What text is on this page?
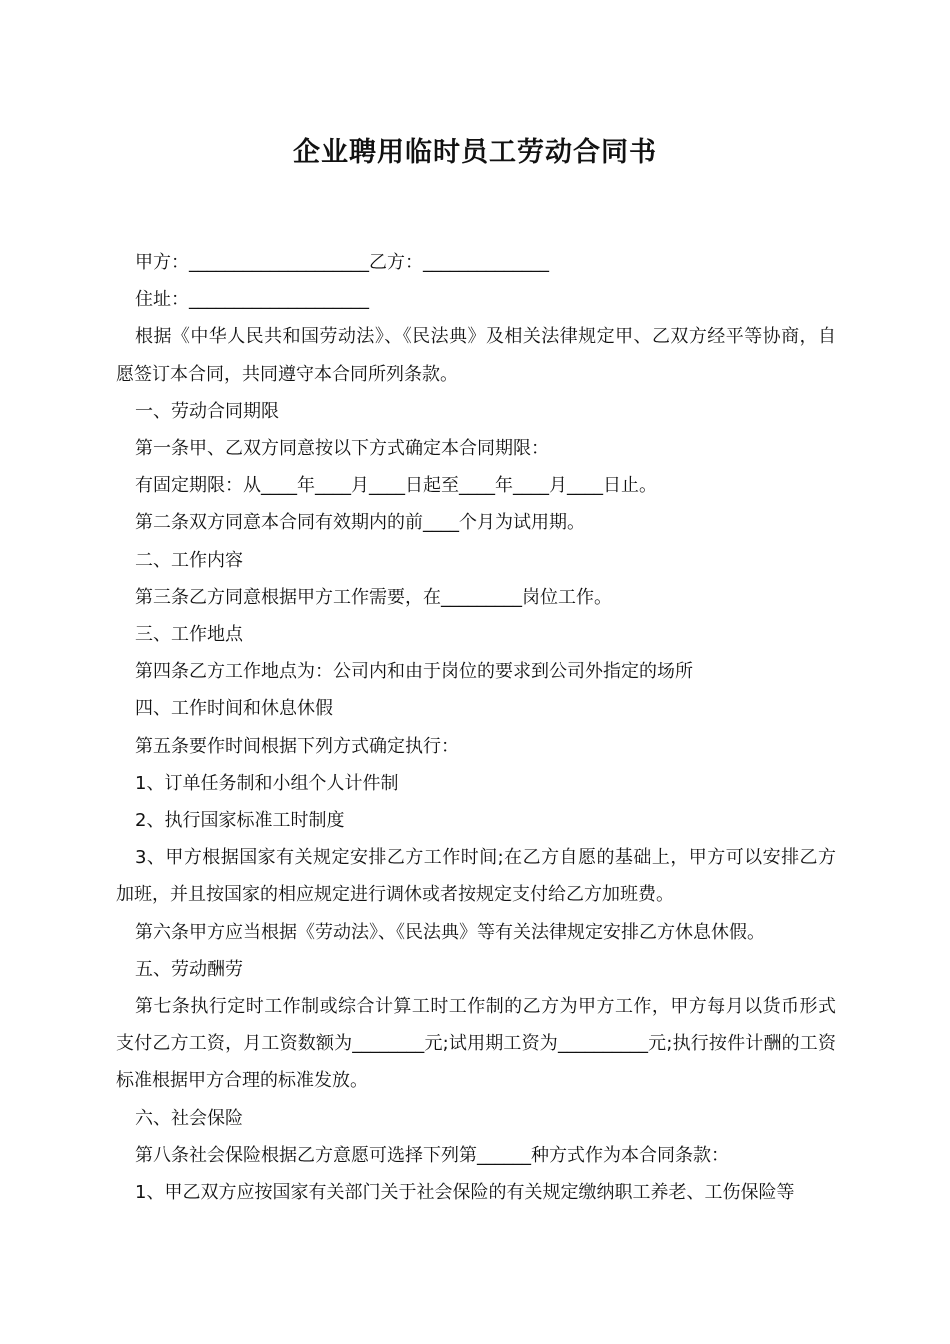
企业聘用临时员工劳动合同书

甲方：____________________乙方：______________

住址：____________________

根据《中华人民共和国劳动法》、《民法典》及相关法律规定甲、乙双方经平等协商，自愿签订本合同，共同遵守本合同所列条款。

一、劳动合同期限

第一条甲、乙双方同意按以下方式确定本合同期限：

有固定期限：从____年____月____日起至____年____月____日止。

第二条双方同意本合同有效期内的前____个月为试用期。

二、工作内容

第三条乙方同意根据甲方工作需要，在_________岗位工作。

三、工作地点

第四条乙方工作地点为：公司内和由于岗位的要求到公司外指定的场所

四、工作时间和休息休假

第五条要作时间根据下列方式确定执行：

1、订单任务制和小组个人计件制

2、执行国家标准工时制度

3、甲方根据国家有关规定安排乙方工作时间;在乙方自愿的基础上，甲方可以安排乙方加班，并且按国家的相应规定进行调休或者按规定支付给乙方加班费。

第六条甲方应当根据《劳动法》、《民法典》等有关法律规定安排乙方休息休假。

五、劳动酬劳

第七条执行定时工作制或综合计算工时工作制的乙方为甲方工作，甲方每月以货币形式支付乙方工资，月工资数额为________元;试用期工资为__________元;执行按件计酬的工资标准根据甲方合理的标准发放。

六、社会保险

第八条社会保险根据乙方意愿可选择下列第______种方式作为本合同条款：

1、甲乙双方应按国家有关部门关于社会保险的有关规定缴纳职工养老、工伤保险等
